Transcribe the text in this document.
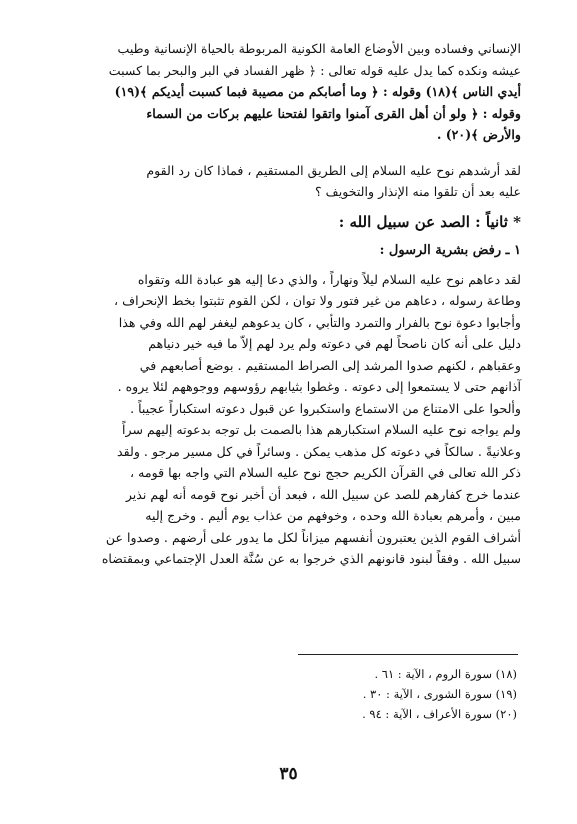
الإنساني وفساده وبين الأوضاع العامة الكونية المربوطة بالحياة الإنسانية وطيب

عيشه ونكده كما يدل عليه قوله تعالى : ﴿ ظهر الفساد في البر والبحر بما كسبت

أيدي الناس ﴾(١٨) وقوله : ﴿ وما أصابكم من مصيبة فبما كسبت أيديكم ﴾(١٩)

وقوله : ﴿ ولو أن أهل القرى آمنوا واتقوا لفتحنا عليهم بركات من السماء

والأرض ﴾(٢٠) .

لقد أرشدهم نوح عليه السلام إلى الطريق المستقيم ، فماذا كان رد القوم

عليه بعد أن تلقوا منه الإنذار والتخويف ؟

* ثانياً : الصد عن سبيل الله :
١ ـ رفض بشرية الرسول :

لقد دعاهم نوح عليه السلام ليلاً ونهاراً ، والذي دعا إليه هو عبادة الله وتقواه

وطاعة رسوله ، دعاهم من غير فتور ولا توان ، لكن القوم تثبتوا بخط الإنحراف ،

وأجابوا دعوة نوح بالفرار والتمرد والتأبي ، كان يدعوهم ليغفر لهم الله وفي هذا

دليل على أنه كان ناصحاً لهم في دعوته ولم يرد لهم إلاّ ما فيه خير دنياهم

وعقباهم ، لكنهم صدوا المرشد إلى الصراط المستقيم . بوضع أصابعهم في

آذانهم حتى لا يستمعوا إلى دعوته . وغطوا بثيابهم رؤوسهم ووجوههم لئلا يروه .

وألحوا على الامتناع من الاستماع واستكبروا عن قبول دعوته استكباراً عجيباً .

ولم يواجه نوح عليه السلام استكبارهم هذا بالصمت بل توجه بدعوته إليهم سراً

وعلانيةً . سالكاً في دعوته كل مذهب يمكن . وسائراً في كل مسير مرجو . ولقد

ذكر الله تعالى في القرآن الكريم حجج نوح عليه السلام التي واجه بها قومه ،

عندما خرج كفارهم للصد عن سبيل الله ، فبعد أن أخبر نوح قومه أنه لهم نذير

مبين ، وأمرهم بعبادة الله وحده ، وخوفهم من عذاب يوم أليم . وخرج إليه

أشراف القوم الذين يعتبرون أنفسهم ميزاناً لكل ما يدور على أرضهم . وصدوا عن

سبيل الله . وفقاً لبنود قانونهم الذي خرجوا به عن سُنَّة العدل الإجتماعي وبمقتضاه

(١٨) سورة الروم ، الآية : ٦١ .
(١٩) سورة الشورى ، الآية : ٣٠ .
(٢٠) سورة الأعراف ، الآية : ٩٤ .
٣٥
